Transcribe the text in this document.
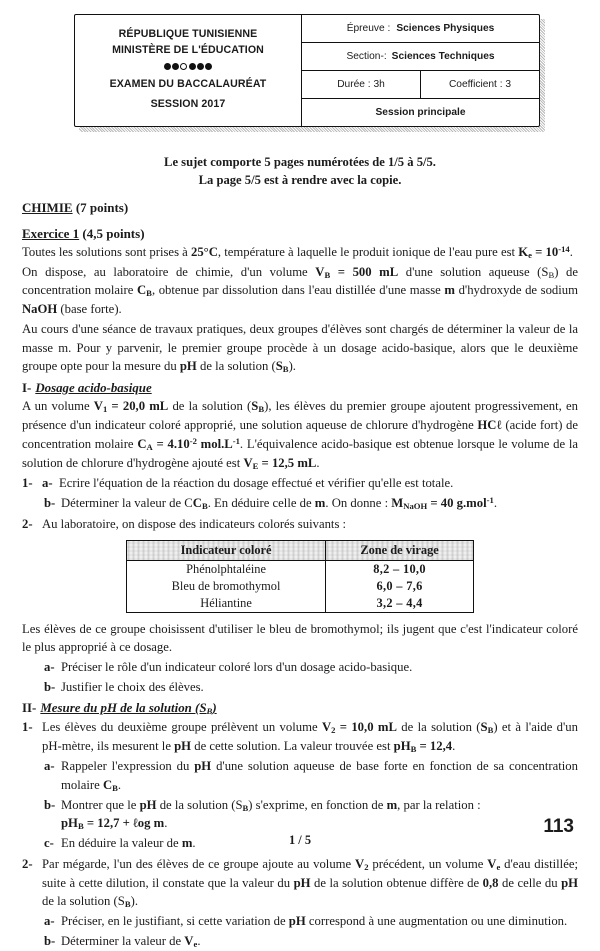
RÉPUBLIQUE TUNISIENNE
MINISTÈRE DE L'ÉDUCATION
EXAMEN DU BACCALAURÉAT
SESSION 2017
Épreuve : Sciences Physiques
Section-: Sciences Techniques
Durée : 3h	Coefficient : 3
Session principale
Le sujet comporte 5 pages numérotées de 1/5 à 5/5.
La page 5/5 est à rendre avec la copie.
CHIMIE (7 points)
Exercice 1 (4,5 points)
Toutes les solutions sont prises à 25°C, température à laquelle le produit ionique de l'eau pure est $K_e = 10^{-14}$.
On dispose, au laboratoire de chimie, d'un volume $V_B = 500$ mL d'une solution aqueuse $(S_B)$ de concentration molaire $C_B$, obtenue par dissolution dans l'eau distillée d'une masse m d'hydroxyde de sodium NaOH (base forte).
Au cours d'une séance de travaux pratiques, deux groupes d'élèves sont chargés de déterminer la valeur de la masse m. Pour y parvenir, le premier groupe procède à un dosage acido-basique, alors que le deuxième groupe opte pour la mesure du pH de la solution $(S_B)$.
I- Dosage acido-basique
A un volume $V_1 = 20,0$ mL de la solution $(S_B)$, les élèves du premier groupe ajoutent progressivement, en présence d'un indicateur coloré approprié, une solution aqueuse de chlorure d'hydrogène HCℓ (acide fort) de concentration molaire $C_A = 4.10^{-2}$ $mol.L^{-1}$. L'équivalence acido-basique est obtenue lorsque le volume de la solution de chlorure d'hydrogène ajouté est $V_E = 12,5$ mL.
1- a- Ecrire l'équation de la réaction du dosage effectué et vérifier qu'elle est totale.
b- Déterminer la valeur de $CC_B$. En déduire celle de m. On donne : $M_{NaOH} = 40$ g.mol$^{-1}$.
2- Au laboratoire, on dispose des indicateurs colorés suivants :
Indicateur coloré	Zone de virage
Phénolphtaléine	8,2 – 10,0
Bleu de bromothymol	6,0 – 7,6
Héliantine	3,2 – 4,4
Les élèves de ce groupe choisissent d'utiliser le bleu de bromothymol; ils jugent que c'est l'indicateur coloré le plus approprié à ce dosage.
a- Préciser le rôle d'un indicateur coloré lors d'un dosage acido-basique.
b- Justifier le choix des élèves.
II- Mesure du pH de la solution $(S_B)$
1- Les élèves du deuxième groupe prélèvent un volume $V_2 = 10,0$ mL de la solution $(S_B)$ et à l'aide d'un pH-mètre, ils mesurent le pH de cette solution. La valeur trouvée est $pH_B = 12,4$.
a- Rappeler l'expression du pH d'une solution aqueuse de base forte en fonction de sa concentration molaire $C_B$.
b- Montrer que le pH de la solution $(S_B)$ s'exprime, en fonction de m, par la relation :
$pH_B = 12,7$ + ℓog m.
c- En déduire la valeur de m.
2- Par mégarde, l'un des élèves de ce groupe ajoute au volume $V_2$ précédent, un volume $V_e$ d'eau distillée; suite à cette dilution, il constate que la valeur du pH de la solution obtenue diffère de 0,8 de celle du pH de la solution $(S_B)$.
a- Préciser, en le justifiant, si cette variation de pH correspond à une augmentation ou une diminution.
b- Déterminer la valeur de $V_e$.
1 / 5
113
